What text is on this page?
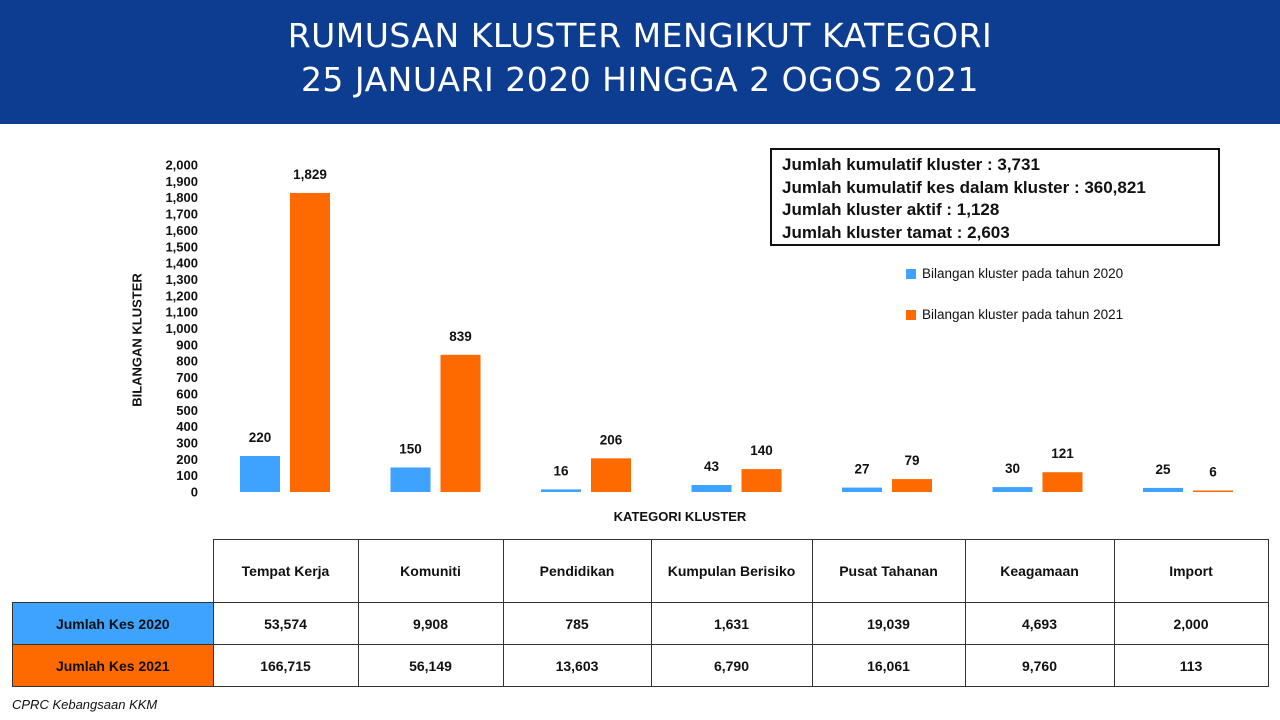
RUMUSAN KLUSTER MENGIKUT KATEGORI
25 JANUARI 2020 HINGGA 2 OGOS 2021
0
100
200
300
400
500
600
700
800
900
1,000
1,100
1,200
1,300
1,400
1,500
1,600
1,700
1,800
1,900
2,000
220
1,829
150
839
16
206
43
140
27
79
30
121
25	6
BILANGAN KLUSTER
KATEGORI KLUSTER
Jumlah kumulatif kluster : 3,731
Jumlah kumulatif kes dalam kluster : 360,821
Jumlah kluster aktif : 1,128
Jumlah kluster tamat : 2,603
Bilangan kluster pada tahun 2020
Bilangan kluster pada tahun 2021
	Tempat Kerja	Komuniti	Pendidikan	Kumpulan Berisiko	Pusat Tahanan	Keagamaan	Import
Jumlah Kes 2020	53,574	9,908	785	1,631	19,039	4,693	2,000
Jumlah Kes 2021	166,715	56,149	13,603	6,790	16,061	9,760	113
CPRC Kebangsaan KKM
